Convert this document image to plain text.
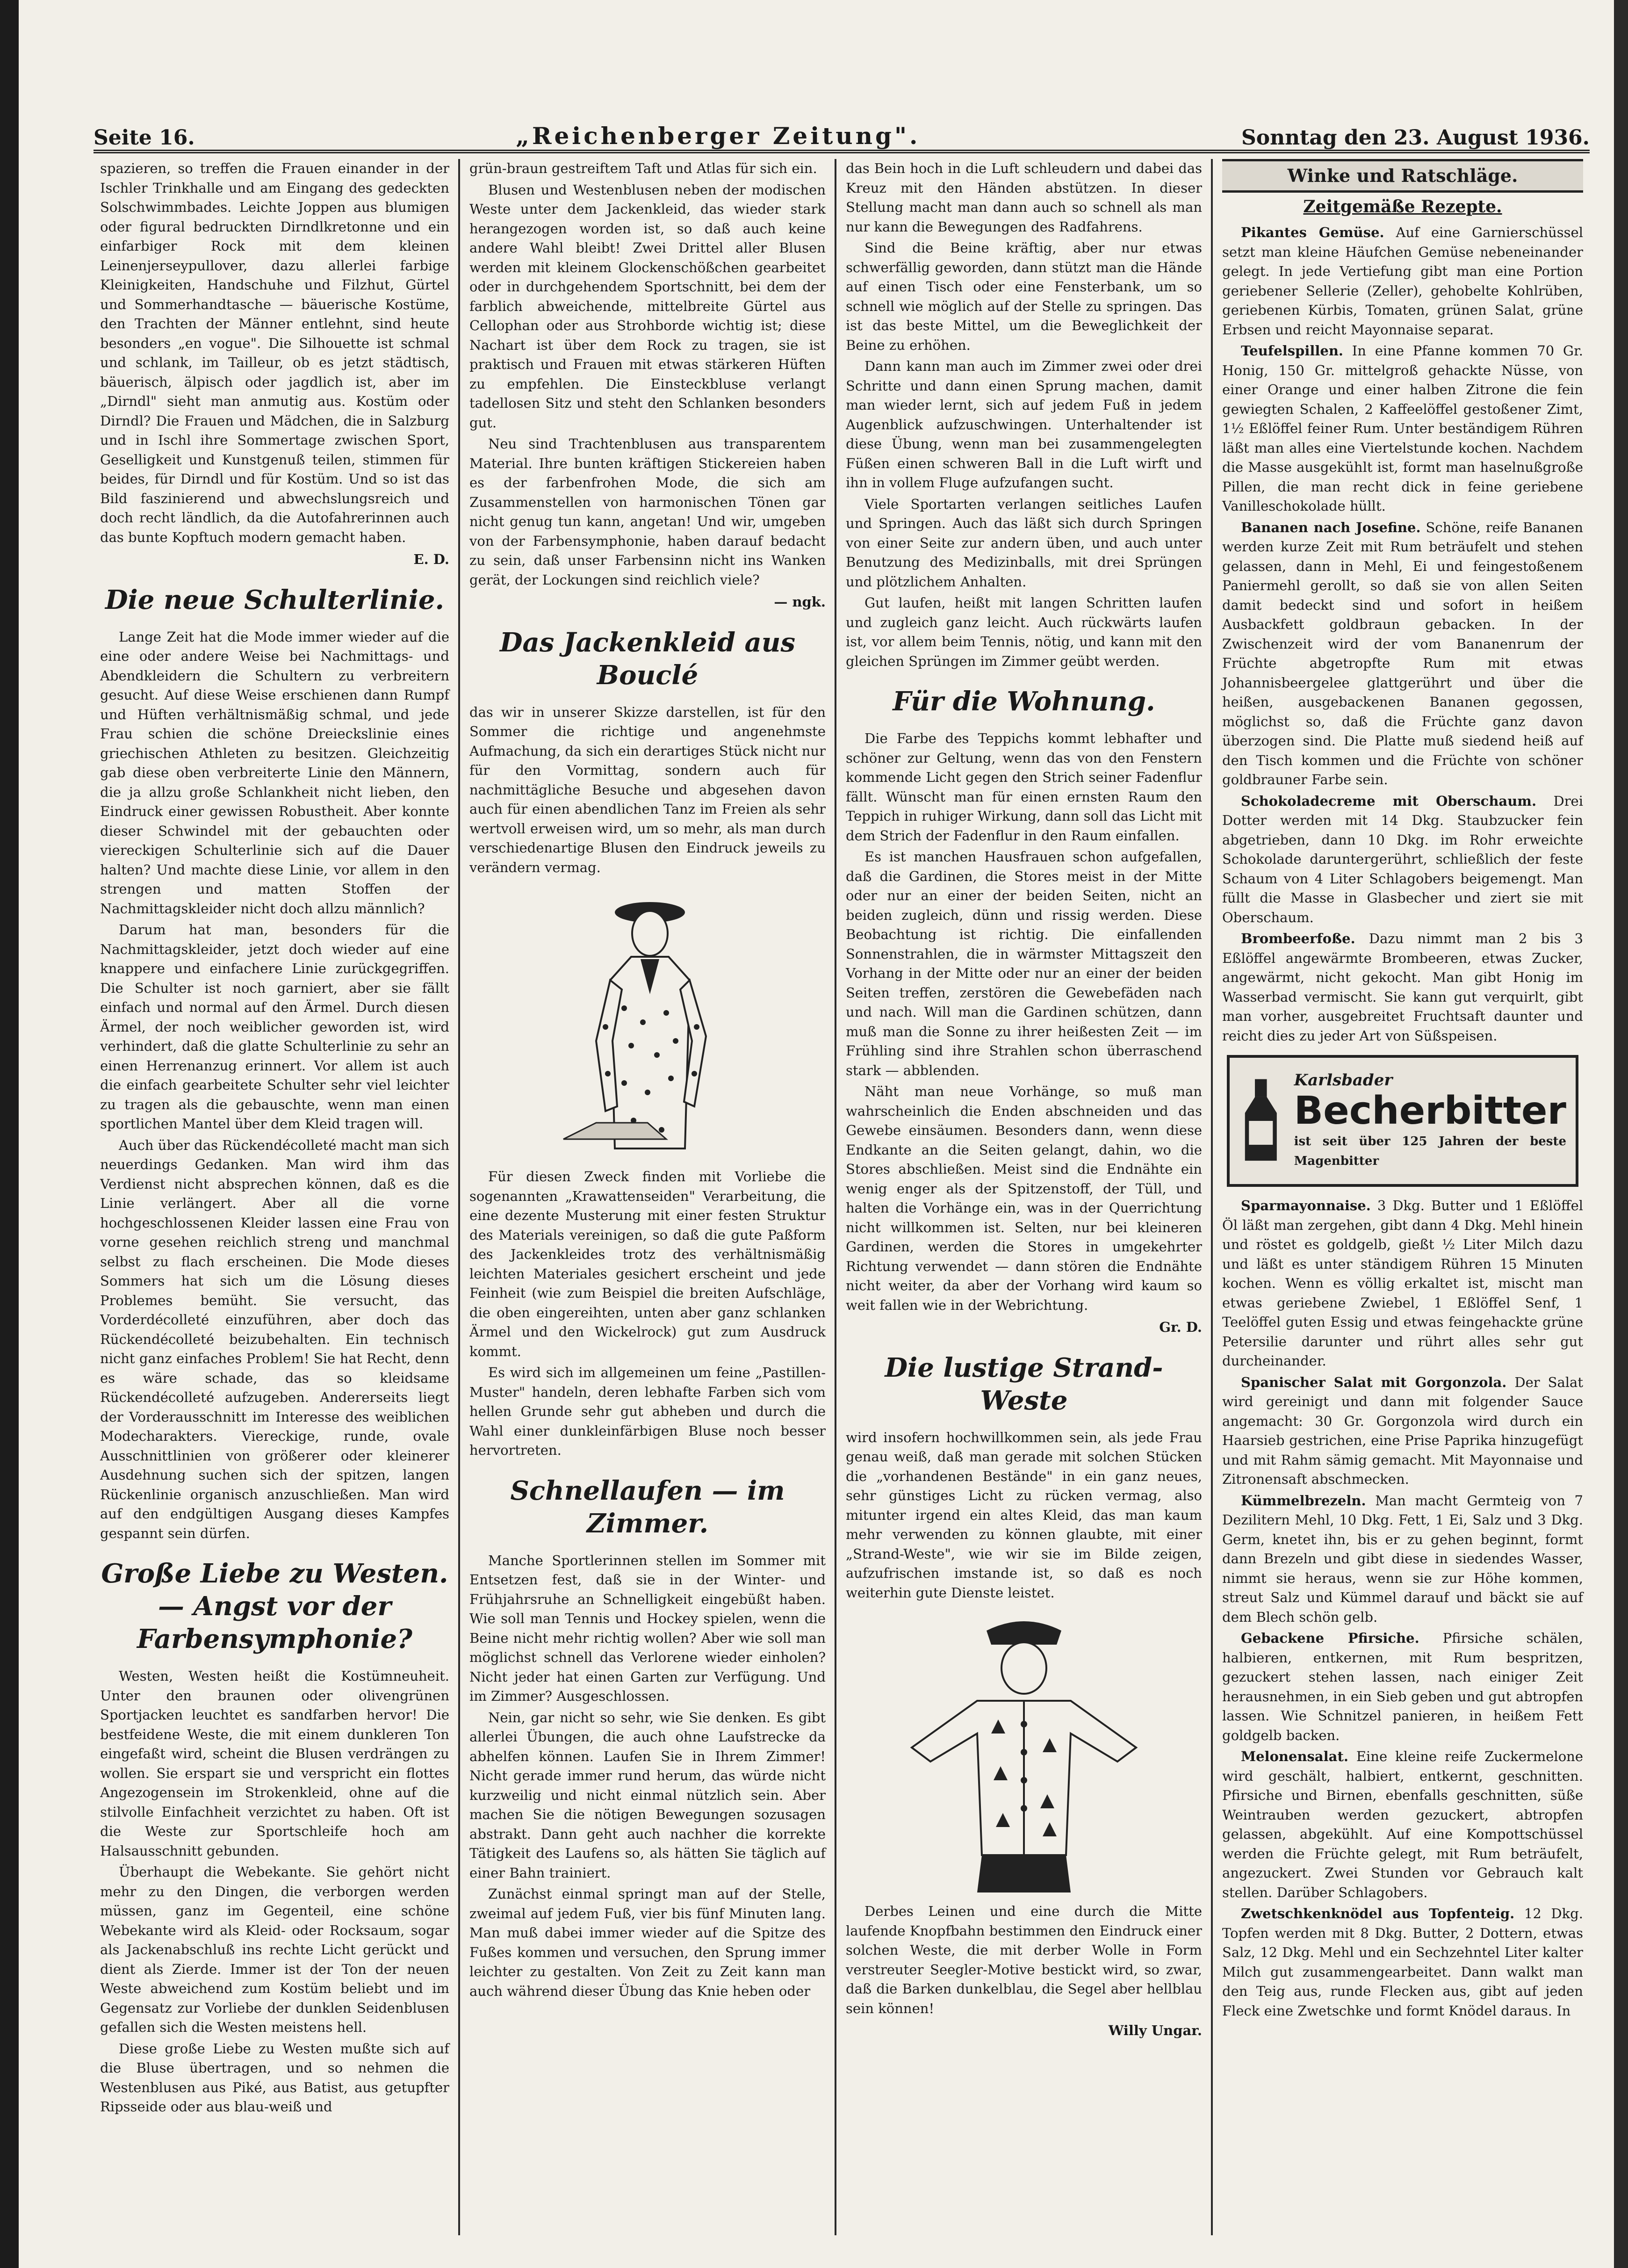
Seite 16.	„Reichenberger Zeitung".	Sonntag den 23. August 1936.

spazieren, so treffen die Frauen einander in der Ischler Trinkhalle und am Eingang des gedeckten Solschwimmbades. Leichte Joppen aus blumigen oder figural bedruckten Dirndlkretonne und ein einfarbiger Rock mit dem kleinen Leinenjerseypullover, dazu allerlei farbige Kleinigkeiten, Handschuhe und Filzhut, Gürtel und Sommerhandtasche — bäuerische Kostüme, den Trachten der Männer entlehnt, sind heute besonders „en vogue". Die Silhouette ist schmal und schlank, im Tailleur, ob es jetzt städtisch, bäuerisch, älpisch oder jagdlich ist, aber im „Dirndl" sieht man anmutig aus. Kostüm oder Dirndl? Die Frauen und Mädchen, die in Salzburg und in Ischl ihre Sommertage zwischen Sport, Geselligkeit und Kunstgenuß teilen, stimmen für beides, für Dirndl und für Kostüm. Und so ist das Bild faszinierend und abwechslungsreich und doch recht ländlich, da die Autofahrerinnen auch das bunte Kopftuch modern gemacht haben.

E. D.
Die neue Schulterlinie.

Lange Zeit hat die Mode immer wieder auf die eine oder andere Weise bei Nachmittags- und Abendkleidern die Schultern zu verbreitern gesucht. Auf diese Weise erschienen dann Rumpf und Hüften verhältnismäßig schmal, und jede Frau schien die schöne Dreieckslinie eines griechischen Athleten zu besitzen. Gleichzeitig gab diese oben verbreiterte Linie den Männern, die ja allzu große Schlankheit nicht lieben, den Eindruck einer gewissen Robustheit. Aber konnte dieser Schwindel mit der gebauchten oder viereckigen Schulterlinie sich auf die Dauer halten? Und machte diese Linie, vor allem in den strengen und matten Stoffen der Nachmittagskleider nicht doch allzu männlich?

Darum hat man, besonders für die Nachmittagskleider, jetzt doch wieder auf eine knappere und einfachere Linie zurückgegriffen. Die Schulter ist noch garniert, aber sie fällt einfach und normal auf den Ärmel. Durch diesen Ärmel, der noch weiblicher geworden ist, wird verhindert, daß die glatte Schulterlinie zu sehr an einen Herrenanzug erinnert. Vor allem ist auch die einfach gearbeitete Schulter sehr viel leichter zu tragen als die gebauschte, wenn man einen sportlichen Mantel über dem Kleid tragen will.

Auch über das Rückendécolleté macht man sich neuerdings Gedanken. Man wird ihm das Verdienst nicht absprechen können, daß es die Linie verlängert. Aber all die vorne hochgeschlossenen Kleider lassen eine Frau von vorne gesehen reichlich streng und manchmal selbst zu flach erscheinen. Die Mode dieses Sommers hat sich um die Lösung dieses Problemes bemüht. Sie versucht, das Vorderdécolleté einzuführen, aber doch das Rückendécolleté beizubehalten. Ein technisch nicht ganz einfaches Problem! Sie hat Recht, denn es wäre schade, das so kleidsame Rückendécolleté aufzugeben. Andererseits liegt der Vorderausschnitt im Interesse des weiblichen Modecharakters. Viereckige, runde, ovale Ausschnittlinien von größerer oder kleinerer Ausdehnung suchen sich der spitzen, langen Rückenlinie organisch anzuschließen. Man wird auf den endgültigen Ausgang dieses Kampfes gespannt sein dürfen.

Große Liebe zu Westen. — Angst vor der Farbensymphonie?

Westen, Westen heißt die Kostümneuheit. Unter den braunen oder olivengrünen Sportjacken leuchtet es sandfarben hervor! Die bestfeidene Weste, die mit einem dunkleren Ton eingefaßt wird, scheint die Blusen verdrängen zu wollen. Sie erspart sie und verspricht ein flottes Angezogensein im Strokenkleid, ohne auf die stilvolle Einfachheit verzichtet zu haben. Oft ist die Weste zur Sportschleife hoch am Halsausschnitt gebunden.

Überhaupt die Webekante. Sie gehört nicht mehr zu den Dingen, die verborgen werden müssen, ganz im Gegenteil, eine schöne Webekante wird als Kleid- oder Rocksaum, sogar als Jackenabschluß ins rechte Licht gerückt und dient als Zierde. Immer ist der Ton der neuen Weste abweichend zum Kostüm beliebt und im Gegensatz zur Vorliebe der dunklen Seidenblusen gefallen sich die Westen meistens hell.

Diese große Liebe zu Westen mußte sich auf die Bluse übertragen, und so nehmen die Westenblusen aus Piké, aus Batist, aus getupfter Ripsseide oder aus blau-weiß und

grün-braun gestreiftem Taft und Atlas für sich ein.

Blusen und Westenblusen neben der modischen Weste unter dem Jackenkleid, das wieder stark herangezogen worden ist, so daß auch keine andere Wahl bleibt! Zwei Drittel aller Blusen werden mit kleinem Glockenschößchen gearbeitet oder in durchgehendem Sportschnitt, bei dem der farblich abweichende, mittelbreite Gürtel aus Cellophan oder aus Strohborde wichtig ist; diese Nachart ist über dem Rock zu tragen, sie ist praktisch und Frauen mit etwas stärkeren Hüften zu empfehlen. Die Einsteckbluse verlangt tadellosen Sitz und steht den Schlanken besonders gut.

Neu sind Trachtenblusen aus transparentem Material. Ihre bunten kräftigen Stickereien haben es der farbenfrohen Mode, die sich am Zusammenstellen von harmonischen Tönen gar nicht genug tun kann, angetan! Und wir, umgeben von der Farbensymphonie, haben darauf bedacht zu sein, daß unser Farbensinn nicht ins Wanken gerät, der Lockungen sind reichlich viele?

— ngk.
Das Jackenkleid aus Bouclé

das wir in unserer Skizze darstellen, ist für den Sommer die richtige und angenehmste Aufmachung, da sich ein derartiges Stück nicht nur für den Vormittag, sondern auch für nachmittägliche Besuche und abgesehen davon auch für einen abendlichen Tanz im Freien als sehr wertvoll erweisen wird, um so mehr, als man durch verschiedenartige Blusen den Eindruck jeweils zu verändern vermag.

Für diesen Zweck finden mit Vorliebe die sogenannten „Krawattenseiden" Verarbeitung, die eine dezente Musterung mit einer festen Struktur des Materials vereinigen, so daß die gute Paßform des Jackenkleides trotz des verhältnismäßig leichten Materiales gesichert erscheint und jede Feinheit (wie zum Beispiel die breiten Aufschläge, die oben eingereihten, unten aber ganz schlanken Ärmel und den Wickelrock) gut zum Ausdruck kommt.

Es wird sich im allgemeinen um feine „Pastillen-Muster" handeln, deren lebhafte Farben sich vom hellen Grunde sehr gut abheben und durch die Wahl einer dunkleinfärbigen Bluse noch besser hervortreten.

Schnellaufen — im Zimmer.

Manche Sportlerinnen stellen im Sommer mit Entsetzen fest, daß sie in der Winter- und Frühjahrsruhe an Schnelligkeit eingebüßt haben. Wie soll man Tennis und Hockey spielen, wenn die Beine nicht mehr richtig wollen? Aber wie soll man möglichst schnell das Verlorene wieder einholen? Nicht jeder hat einen Garten zur Verfügung. Und im Zimmer? Ausgeschlossen.

Nein, gar nicht so sehr, wie Sie denken. Es gibt allerlei Übungen, die auch ohne Laufstrecke da abhelfen können. Laufen Sie in Ihrem Zimmer! Nicht gerade immer rund herum, das würde nicht kurzweilig und nicht einmal nützlich sein. Aber machen Sie die nötigen Bewegungen sozusagen abstrakt. Dann geht auch nachher die korrekte Tätigkeit des Laufens so, als hätten Sie täglich auf einer Bahn trainiert.

Zunächst einmal springt man auf der Stelle, zweimal auf jedem Fuß, vier bis fünf Minuten lang. Man muß dabei immer wieder auf die Spitze des Fußes kommen und versuchen, den Sprung immer leichter zu gestalten. Von Zeit zu Zeit kann man auch während dieser Übung das Knie heben oder

das Bein hoch in die Luft schleudern und dabei das Kreuz mit den Händen abstützen. In dieser Stellung macht man dann auch so schnell als man nur kann die Bewegungen des Radfahrens.

Sind die Beine kräftig, aber nur etwas schwerfällig geworden, dann stützt man die Hände auf einen Tisch oder eine Fensterbank, um so schnell wie möglich auf der Stelle zu springen. Das ist das beste Mittel, um die Beweglichkeit der Beine zu erhöhen.

Dann kann man auch im Zimmer zwei oder drei Schritte und dann einen Sprung machen, damit man wieder lernt, sich auf jedem Fuß in jedem Augenblick aufzuschwingen. Unterhaltender ist diese Übung, wenn man bei zusammengelegten Füßen einen schweren Ball in die Luft wirft und ihn in vollem Fluge aufzufangen sucht.

Viele Sportarten verlangen seitliches Laufen und Springen. Auch das läßt sich durch Springen von einer Seite zur andern üben, und auch unter Benutzung des Medizinballs, mit drei Sprüngen und plötzlichem Anhalten.

Gut laufen, heißt mit langen Schritten laufen und zugleich ganz leicht. Auch rückwärts laufen ist, vor allem beim Tennis, nötig, und kann mit den gleichen Sprüngen im Zimmer geübt werden.

Für die Wohnung.

Die Farbe des Teppichs kommt lebhafter und schöner zur Geltung, wenn das von den Fenstern kommende Licht gegen den Strich seiner Fadenflur fällt. Wünscht man für einen ernsten Raum den Teppich in ruhiger Wirkung, dann soll das Licht mit dem Strich der Fadenflur in den Raum einfallen.

Es ist manchen Hausfrauen schon aufgefallen, daß die Gardinen, die Stores meist in der Mitte oder nur an einer der beiden Seiten, nicht an beiden zugleich, dünn und rissig werden. Diese Beobachtung ist richtig. Die einfallenden Sonnenstrahlen, die in wärmster Mittagszeit den Vorhang in der Mitte oder nur an einer der beiden Seiten treffen, zerstören die Gewebefäden nach und nach. Will man die Gardinen schützen, dann muß man die Sonne zu ihrer heißesten Zeit — im Frühling sind ihre Strahlen schon überraschend stark — abblenden.

Näht man neue Vorhänge, so muß man wahrscheinlich die Enden abschneiden und das Gewebe einsäumen. Besonders dann, wenn diese Endkante an die Seiten gelangt, dahin, wo die Stores abschließen. Meist sind die Endnähte ein wenig enger als der Spitzenstoff, der Tüll, und halten die Vorhänge ein, was in der Querrichtung nicht willkommen ist. Selten, nur bei kleineren Gardinen, werden die Stores in umgekehrter Richtung verwendet — dann stören die Endnähte nicht weiter, da aber der Vorhang wird kaum so weit fallen wie in der Webrichtung.

Gr. D.
Die lustige Strand-Weste

wird insofern hochwillkommen sein, als jede Frau genau weiß, daß man gerade mit solchen Stücken die „vorhandenen Bestände" in ein ganz neues, sehr günstiges Licht zu rücken vermag, also mitunter irgend ein altes Kleid, das man kaum mehr verwenden zu können glaubte, mit einer „Strand-Weste", wie wir sie im Bilde zeigen, aufzufrischen imstande ist, so daß es noch weiterhin gute Dienste leistet.

Derbes Leinen und eine durch die Mitte laufende Knopfbahn bestimmen den Eindruck einer solchen Weste, die mit derber Wolle in Form verstreuter Seegler-Motive bestickt wird, so zwar, daß die Barken dunkelblau, die Segel aber hellblau sein können!

Willy Ungar.
Winke und Ratschläge.
Zeitgemäße Rezepte.

Pikantes Gemüse. Auf eine Garnierschüssel setzt man kleine Häufchen Gemüse nebeneinander gelegt. In jede Vertiefung gibt man eine Portion geriebener Sellerie (Zeller), gehobelte Kohlrüben, geriebenen Kürbis, Tomaten, grünen Salat, grüne Erbsen und reicht Mayonnaise separat.

Teufelspillen. In eine Pfanne kommen 70 Gr. Honig, 150 Gr. mittelgroß gehackte Nüsse, von einer Orange und einer halben Zitrone die fein gewiegten Schalen, 2 Kaffeelöffel gestoßener Zimt, 1½ Eßlöffel feiner Rum. Unter beständigem Rühren läßt man alles eine Viertelstunde kochen. Nachdem die Masse ausgekühlt ist, formt man haselnußgroße Pillen, die man recht dick in feine geriebene Vanilleschokolade hüllt.

Bananen nach Josefine. Schöne, reife Bananen werden kurze Zeit mit Rum beträufelt und stehen gelassen, dann in Mehl, Ei und feingestoßenem Paniermehl gerollt, so daß sie von allen Seiten damit bedeckt sind und sofort in heißem Ausbackfett goldbraun gebacken. In der Zwischenzeit wird der vom Bananenrum der Früchte abgetropfte Rum mit etwas Johannisbeergelee glattgerührt und über die heißen, ausgebackenen Bananen gegossen, möglichst so, daß die Früchte ganz davon überzogen sind. Die Platte muß siedend heiß auf den Tisch kommen und die Früchte von schöner goldbrauner Farbe sein.

Schokoladecreme mit Oberschaum. Drei Dotter werden mit 14 Dkg. Staubzucker fein abgetrieben, dann 10 Dkg. im Rohr erweichte Schokolade daruntergerührt, schließlich der feste Schaum von 4 Liter Schlagobers beigemengt. Man füllt die Masse in Glasbecher und ziert sie mit Oberschaum.

Brombeerfoße. Dazu nimmt man 2 bis 3 Eßlöffel angewärmte Brombeeren, etwas Zucker, angewärmt, nicht gekocht. Man gibt Honig im Wasserbad vermischt. Sie kann gut verquirlt, gibt man vorher, ausgebreitet Fruchtsaft daunter und reicht dies zu jeder Art von Süßspeisen.

Karlsbader
Becherbitter
ist seit über 125 Jahren der beste Magenbitter

Sparmayonnaise. 3 Dkg. Butter und 1 Eßlöffel Öl läßt man zergehen, gibt dann 4 Dkg. Mehl hinein und röstet es goldgelb, gießt ½ Liter Milch dazu und läßt es unter ständigem Rühren 15 Minuten kochen. Wenn es völlig erkaltet ist, mischt man etwas geriebene Zwiebel, 1 Eßlöffel Senf, 1 Teelöffel guten Essig und etwas feingehackte grüne Petersilie darunter und rührt alles sehr gut durcheinander.

Spanischer Salat mit Gorgonzola. Der Salat wird gereinigt und dann mit folgender Sauce angemacht: 30 Gr. Gorgonzola wird durch ein Haarsieb gestrichen, eine Prise Paprika hinzugefügt und mit Rahm sämig gemacht. Mit Mayonnaise und Zitronensaft abschmecken.

Kümmelbrezeln. Man macht Germteig von 7 Dezilitern Mehl, 10 Dkg. Fett, 1 Ei, Salz und 3 Dkg. Germ, knetet ihn, bis er zu gehen beginnt, formt dann Brezeln und gibt diese in siedendes Wasser, nimmt sie heraus, wenn sie zur Höhe kommen, streut Salz und Kümmel darauf und bäckt sie auf dem Blech schön gelb.

Gebackene Pfirsiche. Pfirsiche schälen, halbieren, entkernen, mit Rum bespritzen, gezuckert stehen lassen, nach einiger Zeit herausnehmen, in ein Sieb geben und gut abtropfen lassen. Wie Schnitzel panieren, in heißem Fett goldgelb backen.

Melonensalat. Eine kleine reife Zuckermelone wird geschält, halbiert, entkernt, geschnitten. Pfirsiche und Birnen, ebenfalls geschnitten, süße Weintrauben werden gezuckert, abtropfen gelassen, abgekühlt. Auf eine Kompottschüssel werden die Früchte gelegt, mit Rum beträufelt, angezuckert. Zwei Stunden vor Gebrauch kalt stellen. Darüber Schlagobers.

Zwetschkenknödel aus Topfenteig. 12 Dkg. Topfen werden mit 8 Dkg. Butter, 2 Dottern, etwas Salz, 12 Dkg. Mehl und ein Sechzehntel Liter kalter Milch gut zusammengearbeitet. Dann walkt man den Teig aus, runde Flecken aus, gibt auf jeden Fleck eine Zwetschke und formt Knödel daraus. In
